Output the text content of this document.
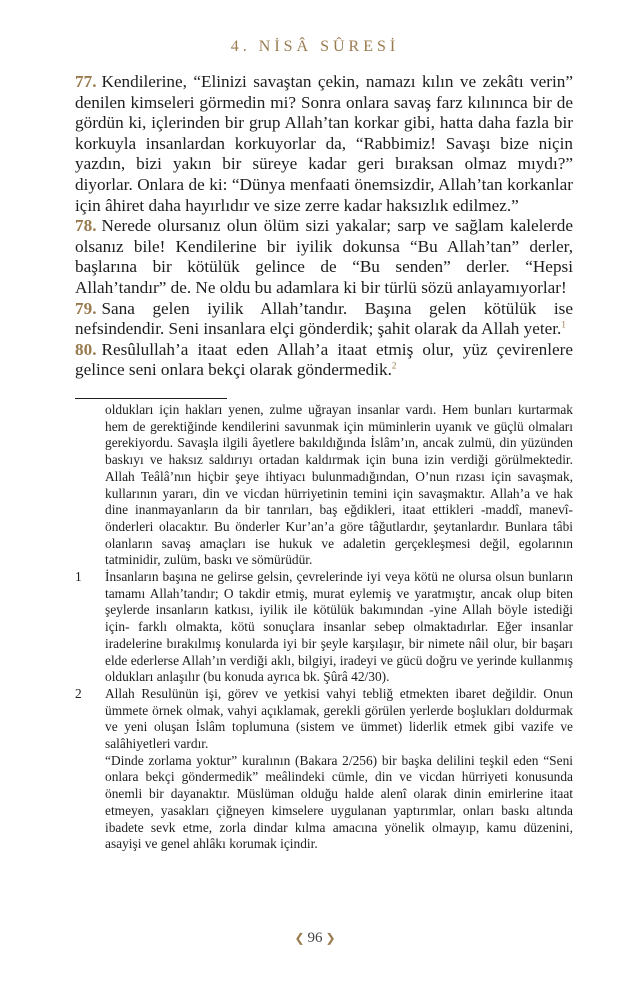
4. NİSÂ SÛRESİ

77. Kendilerine, “Elinizi savaştan çekin, namazı kılın ve zekâtı verin” denilen kimseleri görmedin mi? Sonra onlara savaş farz kılınınca bir de gördün ki, içlerinden bir grup Allah’tan korkar gibi, hatta daha fazla bir korkuyla insanlardan korkuyorlar da, “Rabbimiz! Savaşı bize niçin yazdın, bizi yakın bir süreye kadar geri bıraksan olmaz mıydı?” diyorlar. Onlara de ki: “Dünya menfaati önemsizdir, Allah’tan korkanlar için âhiret daha hayırlıdır ve size zerre kadar haksızlık edilmez.”

78. Nerede olursanız olun ölüm sizi yakalar; sarp ve sağlam kalelerde olsanız bile! Kendilerine bir iyilik dokunsa “Bu Allah’tan” derler, başlarına bir kötülük gelince de “Bu senden” derler. “Hepsi Allah’tandır” de. Ne oldu bu adamlara ki bir türlü sözü anlayamıyorlar!

79. Sana gelen iyilik Allah’tandır. Başına gelen kötülük ise nefsindendir. Seni insanlara elçi gönderdik; şahit olarak da Allah yeter.$^1$

80. Resûlullah’a itaat eden Allah’a itaat etmiş olur, yüz çevirenlere gelince seni onlara bekçi olarak göndermedik.$^2$

oldukları için hakları yenen, zulme uğrayan insanlar vardı. Hem bunları kurtarmak hem de gerektiğinde kendilerini savunmak için müminlerin uyanık ve güçlü olmaları gerekiyordu. Savaşla ilgili âyetlere bakıldığında İslâm’ın, ancak zulmü, din yüzünden baskıyı ve haksız saldırıyı ortadan kaldırmak için buna izin verdiği görülmektedir. Allah Teâlâ’nın hiçbir şeye ihtiyacı bulunmadığından, O’nun rızası için savaşmak, kullarının yararı, din ve vicdan hürriyetinin temini için savaşmaktır. Allah’a ve hak dine inanmayanların da bir tanrıları, baş eğdikleri, itaat ettikleri -maddî, manevî- önderleri olacaktır. Bu önderler Kur’an’a göre tâğutlardır, şeytanlardır. Bunlara tâbi olanların savaş amaçları ise hukuk ve adaletin gerçekleşmesi değil, egolarının tatminidir, zulüm, baskı ve sömürüdür.

1	İnsanların başına ne gelirse gelsin, çevrelerinde iyi veya kötü ne olursa olsun bunların tamamı Allah’tandır; O takdir etmiş, murat eylemiş ve yaratmıştır, ancak olup biten şeylerde insanların katkısı, iyilik ile kötülük bakımından -yine Allah böyle istediği için- farklı olmakta, kötü sonuçlara insanlar sebep olmaktadırlar. Eğer insanlar iradelerine bırakılmış konularda iyi bir şeyle karşılaşır, bir nimete nâil olur, bir başarı elde ederlerse Allah’ın verdiği aklı, bilgiyi, iradeyi ve gücü doğru ve yerinde kullanmış oldukları anlaşılır (bu konuda ayrıca bk. Şûrâ 42/30).

2	Allah Resulünün işi, görev ve yetkisi vahyi tebliğ etmekten ibaret değildir. Onun ümmete örnek olmak, vahyi açıklamak, gerekli görülen yerlerde boşlukları doldurmak ve yeni oluşan İslâm toplumuna (sistem ve ümmet) liderlik etmek gibi vazife ve salâhiyetleri vardır.

“Dinde zorlama yoktur” kuralının (Bakara 2/256) bir başka delilini teşkil eden “Seni onlara bekçi göndermedik” meâlindeki cümle, din ve vicdan hürriyeti konusunda önemli bir dayanaktır. Müslüman olduğu halde alenî olarak dinin emirlerine itaat etmeyen, yasakları çiğneyen kimselere uygulanan yaptırımlar, onları baskı altında ibadete sevk etme, zorla dindar kılma amacına yönelik olmayıp, kamu düzenini, asayişi ve genel ahlâkı korumak içindir.

❮ 96 ❯
